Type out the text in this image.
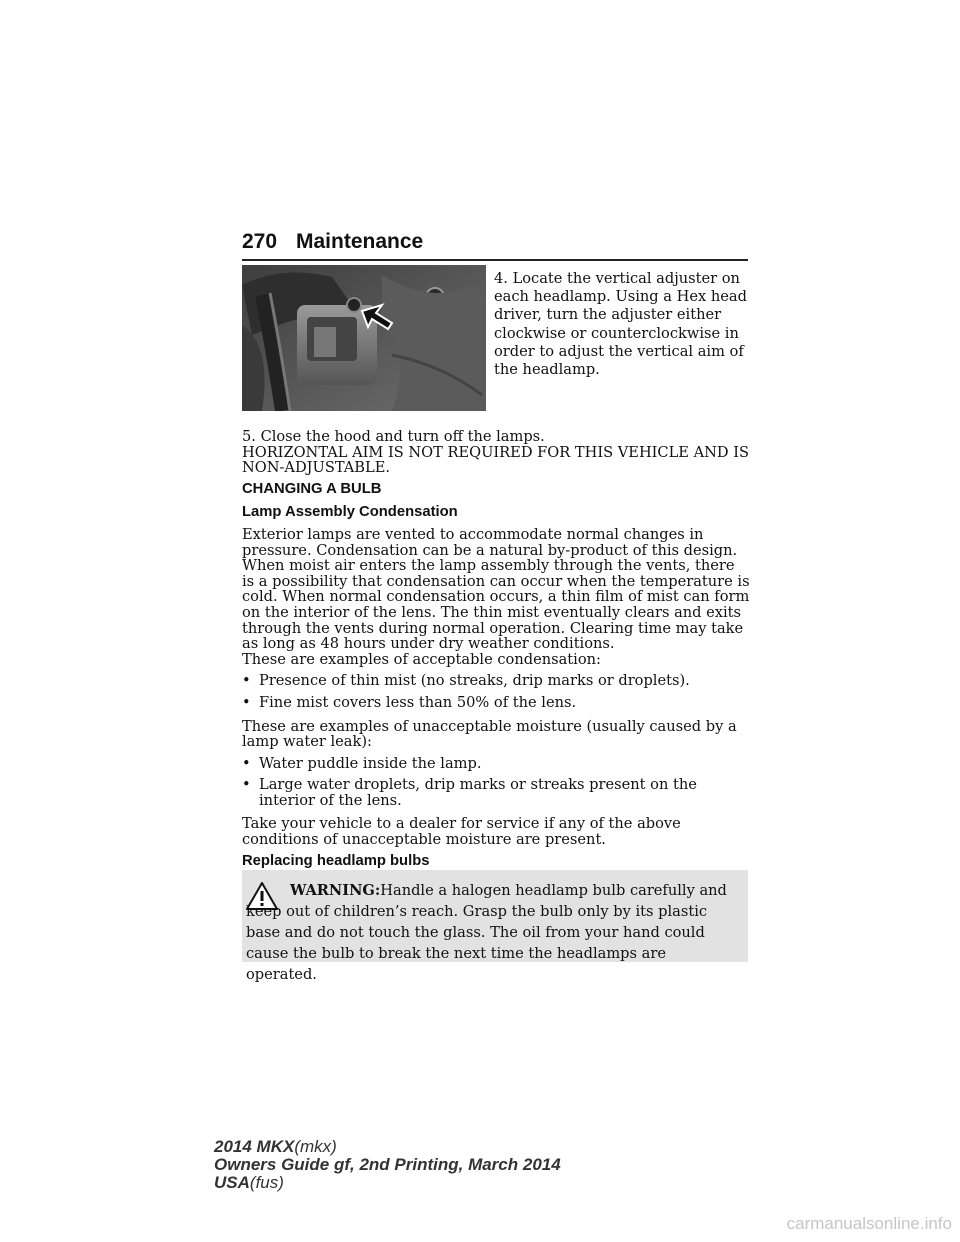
270 Maintenance
4. Locate the vertical adjuster on each headlamp. Using a Hex head driver, turn the adjuster either clockwise or counterclockwise in order to adjust the vertical aim of the headlamp.

5. Close the hood and turn off the lamps.

HORIZONTAL AIM IS NOT REQUIRED FOR THIS VEHICLE AND IS NON-ADJUSTABLE.

CHANGING A BULB

Lamp Assembly Condensation

Exterior lamps are vented to accommodate normal changes in pressure. Condensation can be a natural by-product of this design. When moist air enters the lamp assembly through the vents, there is a possibility that condensation can occur when the temperature is cold. When normal condensation occurs, a thin film of mist can form on the interior of the lens. The thin mist eventually clears and exits through the vents during normal operation. Clearing time may take as long as 48 hours under dry weather conditions.

These are examples of acceptable condensation:

• Presence of thin mist (no streaks, drip marks or droplets).

• Fine mist covers less than 50% of the lens.

These are examples of unacceptable moisture (usually caused by a lamp water leak):

• Water puddle inside the lamp.

• Large water droplets, drip marks or streaks present on the interior of the lens.

Take your vehicle to a dealer for service if any of the above conditions of unacceptable moisture are present.

Replacing headlamp bulbs

WARNING:Handle a halogen headlamp bulb carefully and keep out of children’s reach. Grasp the bulb only by its plastic base and do not touch the glass. The oil from your hand could cause the bulb to break the next time the headlamps are operated.
2014 MKX(mkx)
Owners Guide gf, 2nd Printing, March 2014
USA(fus)
carmanualsonline.info
